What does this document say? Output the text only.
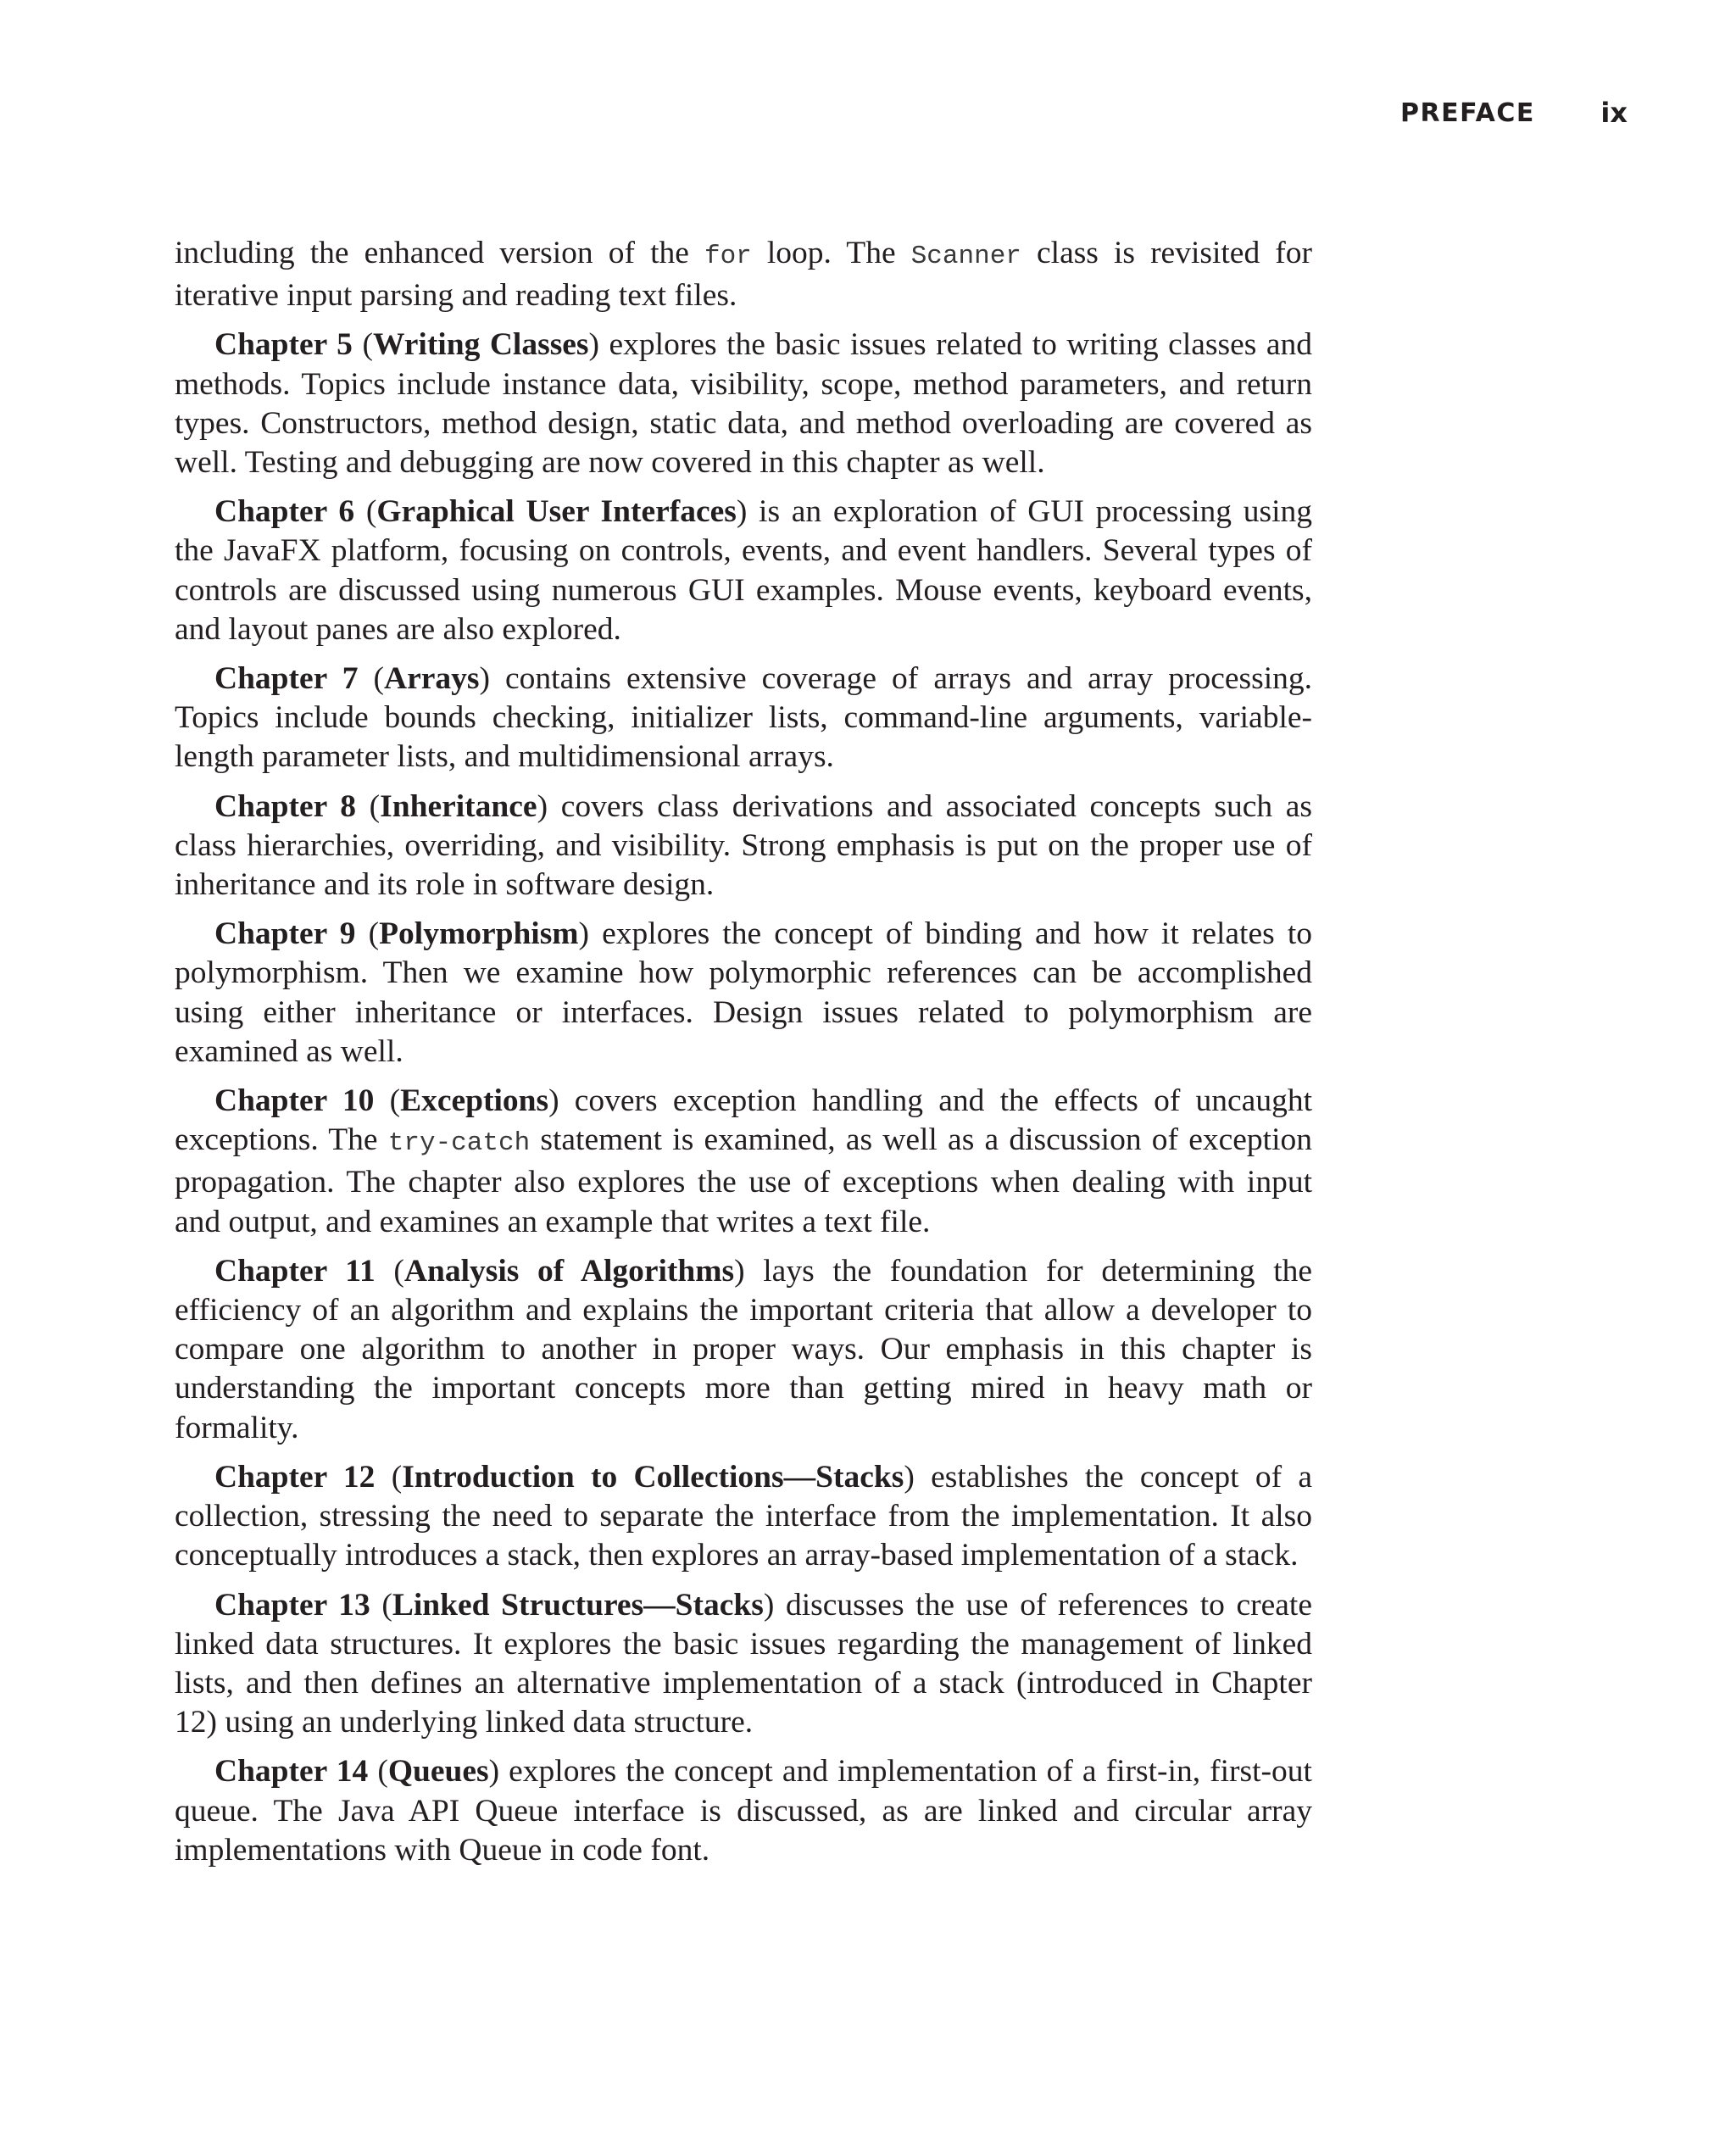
PREFACE ix

including the enhanced version of the for loop. The Scanner class is revisited for iterative input parsing and reading text files.

Chapter 5 (Writing Classes) explores the basic issues related to writing classes and methods. Topics include instance data, visibility, scope, method parameters, and return types. Constructors, method design, static data, and method overloading are covered as well. Testing and debugging are now covered in this chapter as well.

Chapter 6 (Graphical User Interfaces) is an exploration of GUI processing using the JavaFX platform, focusing on controls, events, and event handlers. Several types of controls are discussed using numerous GUI examples. Mouse events, keyboard events, and layout panes are also explored.

Chapter 7 (Arrays) contains extensive coverage of arrays and array processing. Topics include bounds checking, initializer lists, command-line arguments, variable-length parameter lists, and multidimensional arrays.

Chapter 8 (Inheritance) covers class derivations and associated concepts such as class hierarchies, overriding, and visibility. Strong emphasis is put on the proper use of inheritance and its role in software design.

Chapter 9 (Polymorphism) explores the concept of binding and how it relates to polymorphism. Then we examine how polymorphic references can be accomplished using either inheritance or interfaces. Design issues related to polymorphism are examined as well.

Chapter 10 (Exceptions) covers exception handling and the effects of uncaught exceptions. The try-catch statement is examined, as well as a discussion of exception propagation. The chapter also explores the use of exceptions when dealing with input and output, and examines an example that writes a text file.

Chapter 11 (Analysis of Algorithms) lays the foundation for determining the efficiency of an algorithm and explains the important criteria that allow a developer to compare one algorithm to another in proper ways. Our emphasis in this chapter is understanding the important concepts more than getting mired in heavy math or formality.

Chapter 12 (Introduction to Collections—Stacks) establishes the concept of a collection, stressing the need to separate the interface from the implementation. It also conceptually introduces a stack, then explores an array-based implementation of a stack.

Chapter 13 (Linked Structures—Stacks) discusses the use of references to create linked data structures. It explores the basic issues regarding the management of linked lists, and then defines an alternative implementation of a stack (introduced in Chapter 12) using an underlying linked data structure.

Chapter 14 (Queues) explores the concept and implementation of a first-in, first-out queue. The Java API Queue interface is discussed, as are linked and circular array implementations with Queue in code font.
